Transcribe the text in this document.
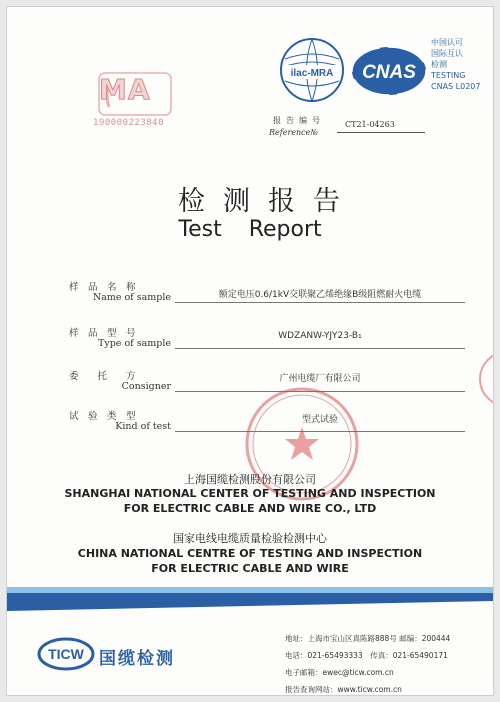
MA
190000223840
ilac-MRA CNAS
中国认可
国际互认
检测
TESTING
CNAS L0207
报告编号
Reference№
CT21-04263
检测报告
Test Report
样　品　名　称
Name of sample	额定电压0.6/1kV交联聚乙烯绝缘B级阻燃耐火电缆
样　品　型　号
Type of sample
WDZANW-YJY23-B₁
委　　托　　方
Consigner
广州电缆厂有限公司
试　验　类　型
Kind of test
型式试验
上海国缆检测股份有限公司
SHANGHAI NATIONAL CENTER OF TESTING AND INSPECTION
FOR ELECTRIC CABLE AND WIRE CO., LTD
国家电线电缆质量检验检测中心
CHINA NATIONAL CENTRE OF TESTING AND INSPECTION
FOR ELECTRIC CABLE AND WIRE
TICW 国缆检测
地址：上海市宝山区真陈路888号 邮编：200444
电话：021-65493333　传真：021-65490171
电子邮箱：ewec@ticw.com.cn
报告查询网站：www.ticw.com.cn
